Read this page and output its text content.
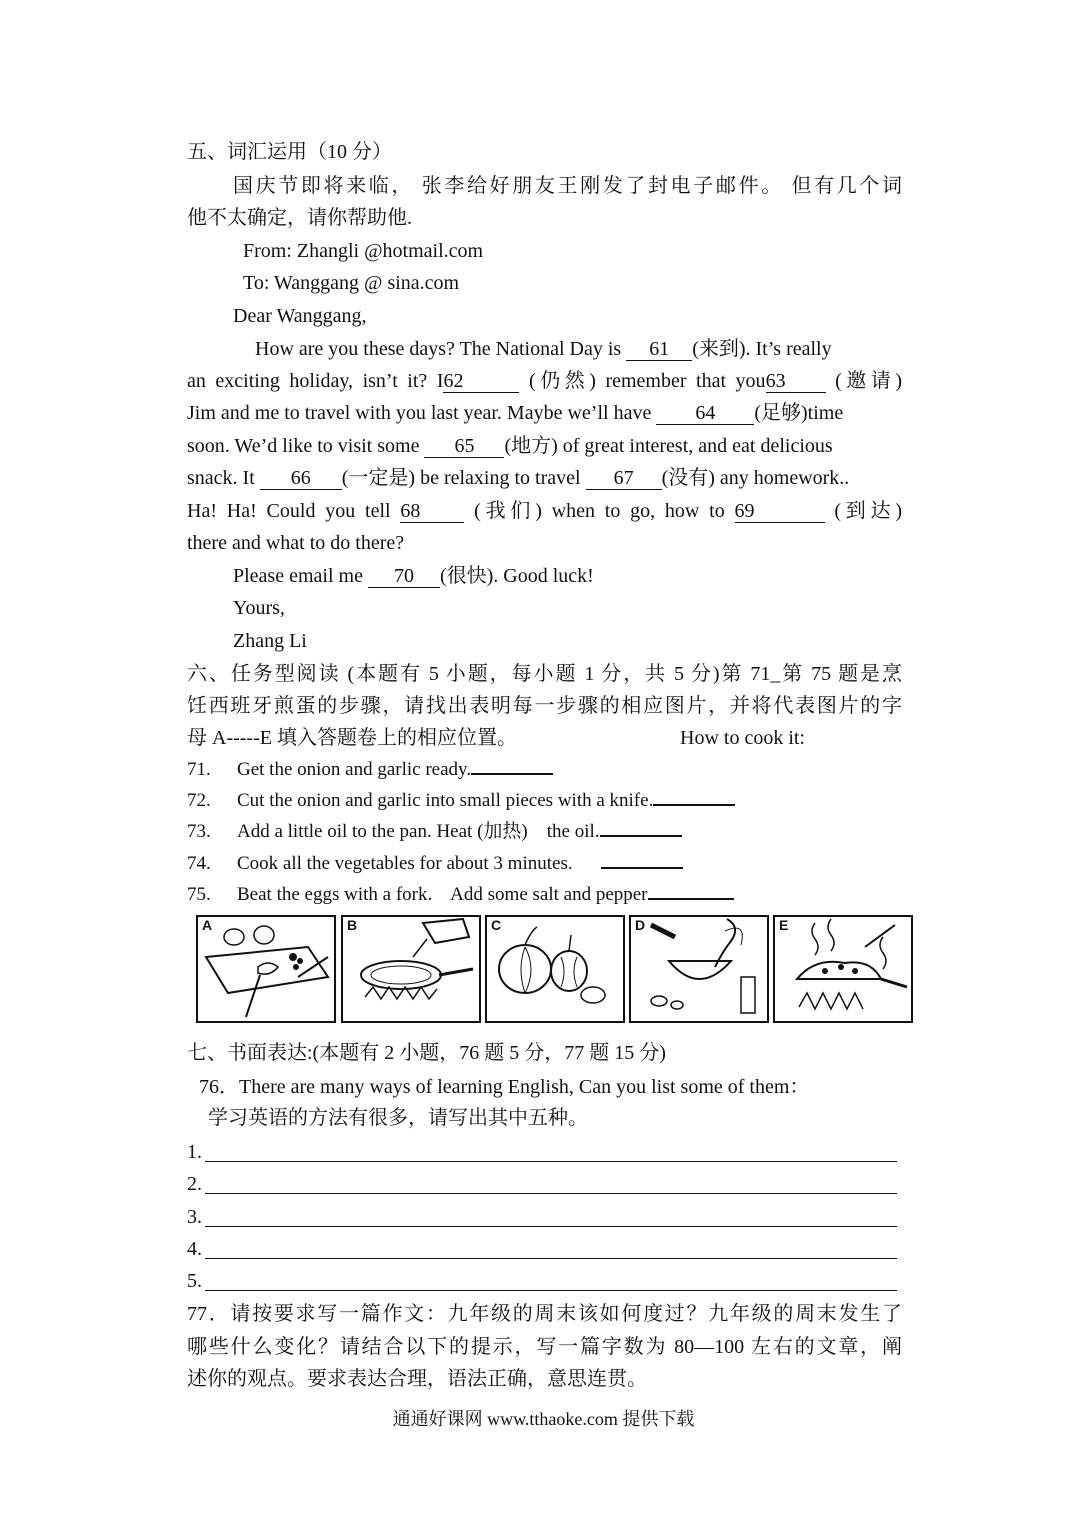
五、词汇运用（10 分）
国庆节即将来临， 张李给好朋友王刚发了封电子邮件。 但有几个词
他不太确定，请你帮助他.
From: Zhangli @hotmail.com
To: Wanggang @ sina.com
Dear Wanggang,
How are you these days? The National Day is 61 (来到). It’s really
an exciting holiday, isn’t it? I62	(仍然) remember that you63 (邀请)
Jim and me to travel with you last year. Maybe we’ll have 64 (足够)time
soon. We’d like to visit some 65 (地方) of great interest, and eat delicious
snack. It 66 (一定是) be relaxing to travel 67 (没有) any homework..
Ha! Ha! Could you tell 68	(我们) when to go, how to 69	(到达)
there and what to do there?
Please email me 70 (很快). Good luck!
Yours,
Zhang Li
六、任务型阅读 (本题有 5 小题，每小题 1 分，共 5 分)第 71_第 75 题是烹
饪西班牙煎蛋的步骤，请找出表明每一步骤的相应图片，并将代表图片的字
母 A-----E 填入答题卷上的相应位置。	How to cook it:
71. Get the onion and garlic ready.
72. Cut the onion and garlic into small pieces with a knife.
73. Add a little oil to the pan. Heat (加热)    the oil.
74. Cook all the vegetables for about 3 minutes.
75. Beat the eggs with a fork.    Add some salt and pepper
A	B	C	D	E
七、书面表达:(本题有 2 小题，76 题 5 分，77 题 15 分)
76．There are many ways of learning English, Can you list some of them：
学习英语的方法有很多，请写出其中五种。
1.
2.
3.
4.
5.
77．请按要求写一篇作文：九年级的周末该如何度过？九年级的周末发生了
哪些什么变化？请结合以下的提示，写一篇字数为 80—100 左右的文章，阐
述你的观点。要求表达合理，语法正确，意思连贯。
通通好课网 www.tthaoke.com 提供下载
